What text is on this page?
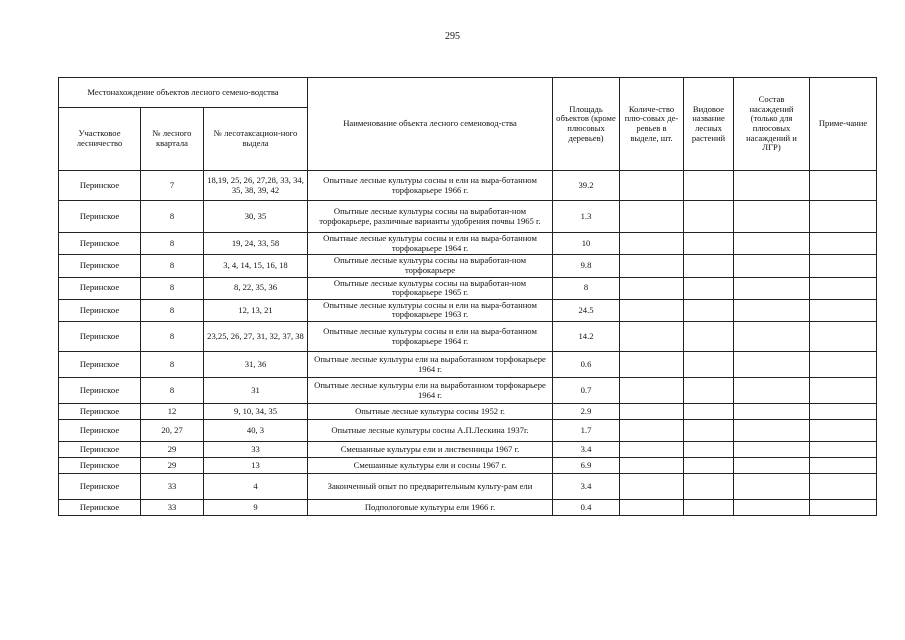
295
Местонахождение объектов лесного семено-водства			Наименование объекта лесного семеновод-ства	Площадь объектов (кроме плюсовых деревьев)	Количе-ство плю-совых де-ревьев в выделе, шт.	Видовое название лесных растений	Состав насаждений (только для плюсовых насаждений и ЛГР)	Приме-чание
Участковое лесничество	№ лесного квартала	№ лесотаксацион-ного выдела						
Перинское	7	18,19, 25, 26, 27,28, 33, 34, 35, 38, 39, 42	Опытные лесные культуры сосны и ели на выра-ботанном торфокарьере 1966 г.	39.2				
Перинское	8	30, 35	Опытные лесные культуры сосны на выработан-ном торфокарьере, различные варианты удобрения почвы 1965 г.	1.3				
Перинское	8	19, 24, 33, 58	Опытные лесные культуры сосны и ели на выра-ботанном торфокарьере 1964 г.	10				
Перинское	8	3, 4, 14, 15, 16, 18	Опытные лесные культуры сосны на выработан-ном торфокарьере	9.8				
Перинское	8	8, 22, 35, 36	Опытные лесные культуры сосны на выработан-ном торфокарьере 1965 г.	8				
Перинское	8	12, 13, 21	Опытные лесные культуры сосны и ели на выра-ботанном торфокарьере 1963 г.	24.5				
Перинское	8	23,25, 26, 27, 31, 32, 37, 38	Опытные лесные культуры сосны и ели на выра-ботанном торфокарьере 1964 г.	14.2				
Перинское	8	31, 36	Опытные лесные культуры ели на выработанном торфокарьере 1964 г.	0.6				
Перинское	8	31	Опытные лесные культуры ели на выработанном торфокарьере 1964 г.	0.7				
Перинское	12	9, 10, 34, 35	Опытные лесные культуры сосны 1952 г.	2.9				
Перинское	20, 27	40, 3	Опытные лесные культуры сосны А.П.Лескина 1937г.	1.7				
Перинское	29	33	Смешанные культуры ели и лиственницы 1967 г.	3.4				
Перинское	29	13	Смешанные культуры ели и сосны 1967 г.	6.9				
Перинское	33	4	Законченный опыт по предварительным культу-рам ели	3.4				
Перинское	33	9	Подпологовые культуры ели 1966 г.	0.4				
